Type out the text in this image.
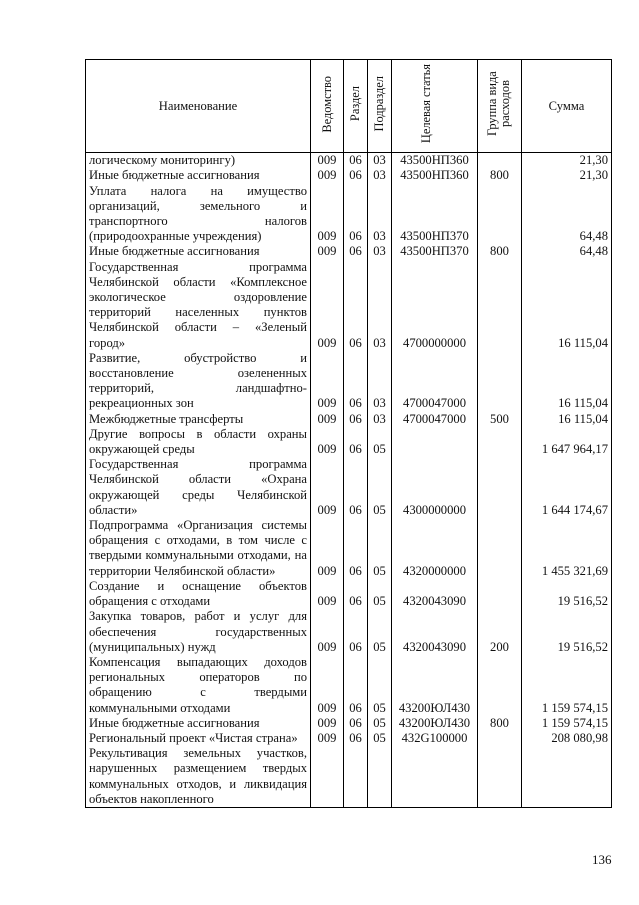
Наименование	Ведомство	Раздел	Подраздел	Целевая статья	Группа вида расходов	Сумма
логическому мониторингу)	009	06	03	43500НП360		21,30
Иные бюджетные ассигнования	009	06	03	43500НП360	800	21,30
Уплата налога на имущество организаций, земельного и транспортного налогов (природоохранные учреждения)	009	06	03	43500НП370		64,48
Иные бюджетные ассигнования	009	06	03	43500НП370	800	64,48
Государственная программа Челябинской области «Комплексное экологическое оздоровление территорий населенных пунктов Челябинской области – «Зеленый город»	009	06	03	4700000000		16 115,04
Развитие, обустройство и восстановление озелененных территорий, ландшафтно-рекреационных зон	009	06	03	4700047000		16 115,04
Межбюджетные трансферты	009	06	03	4700047000	500	16 115,04
Другие вопросы в области охраны окружающей среды	009	06	05			1 647 964,17
Государственная программа Челябинской области «Охрана окружающей среды Челябинской области»	009	06	05	4300000000		1 644 174,67
Подпрограмма «Организация системы обращения с отходами, в том числе с твердыми коммунальными отходами, на территории Челябинской области»	009	06	05	4320000000		1 455 321,69
Создание и оснащение объектов обращения с отходами	009	06	05	4320043090		19 516,52
Закупка товаров, работ и услуг для обеспечения государственных (муниципальных) нужд	009	06	05	4320043090	200	19 516,52
Компенсация выпадающих доходов региональных операторов по обращению с твердыми коммунальными отходами	009	06	05	43200ЮЛ430		1 159 574,15
Иные бюджетные ассигнования	009	06	05	43200ЮЛ430	800	1 159 574,15
Региональный проект «Чистая страна»	009	06	05	432G100000		208 080,98
Рекультивация земельных участков, нарушенных размещением твердых коммунальных отходов, и ликвидация объектов накопленного						
136
